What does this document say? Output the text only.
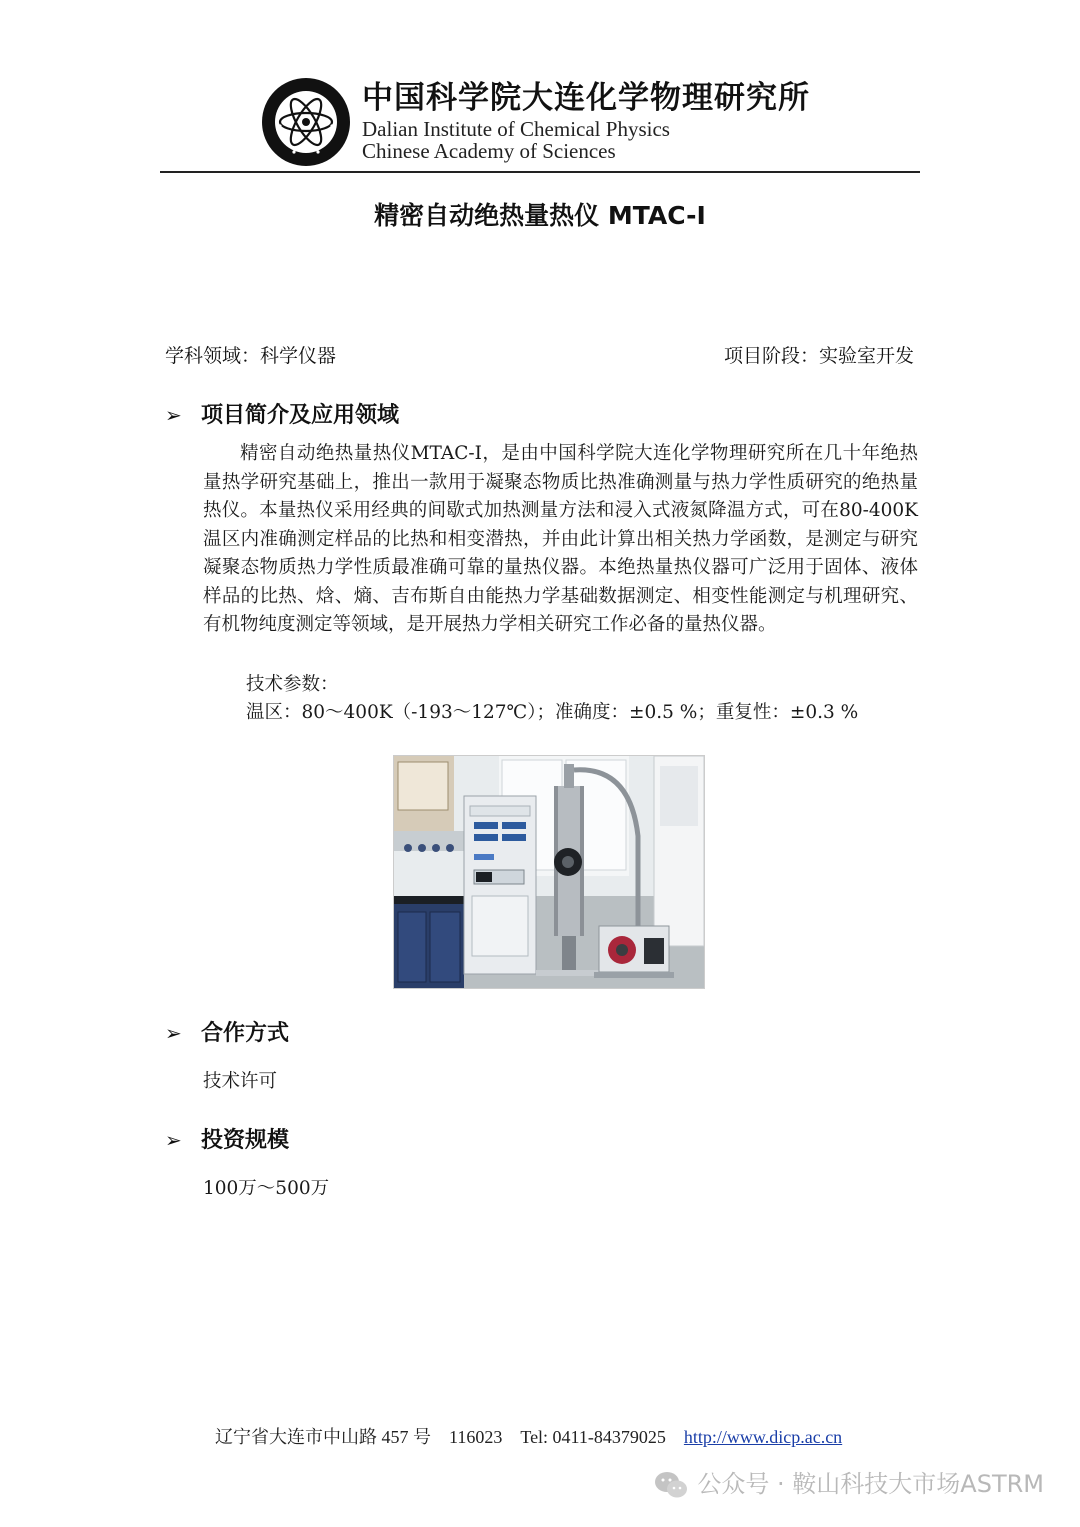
中国科学院大连化学物理研究所
Dalian Institute of Chemical Physics
Chinese Academy of Sciences
精密自动绝热量热仪 MTAC-I
学科领域：科学仪器	项目阶段：实验室开发
➢ 项目简介及应用领域
精密自动绝热量热仪MTAC-I，是由中国科学院大连化学物理研究所在几十年绝热量热学研究基础上，推出一款用于凝聚态物质比热准确测量与热力学性质研究的绝热量热仪。本量热仪采用经典的间歇式加热测量方法和浸入式液氮降温方式，可在80-400K温区内准确测定样品的比热和相变潜热，并由此计算出相关热力学函数，是测定与研究凝聚态物质热力学性质最准确可靠的量热仪器。本绝热量热仪器可广泛用于固体、液体样品的比热、焓、熵、吉布斯自由能热力学基础数据测定、相变性能测定与机理研究、有机物纯度测定等领域，是开展热力学相关研究工作必备的量热仪器。
技术参数：
温区：80～400K（-193～127℃）；准确度：±0.5 %；重复性：±0.3 %
➢ 合作方式
技术许可
➢ 投资规模
100万～500万

辽宁省大连市中山路 457 号    116023    Tel: 0411-84379025    http://www.dicp.ac.cn

公众号 · 鞍山科技大市场ASTRM
